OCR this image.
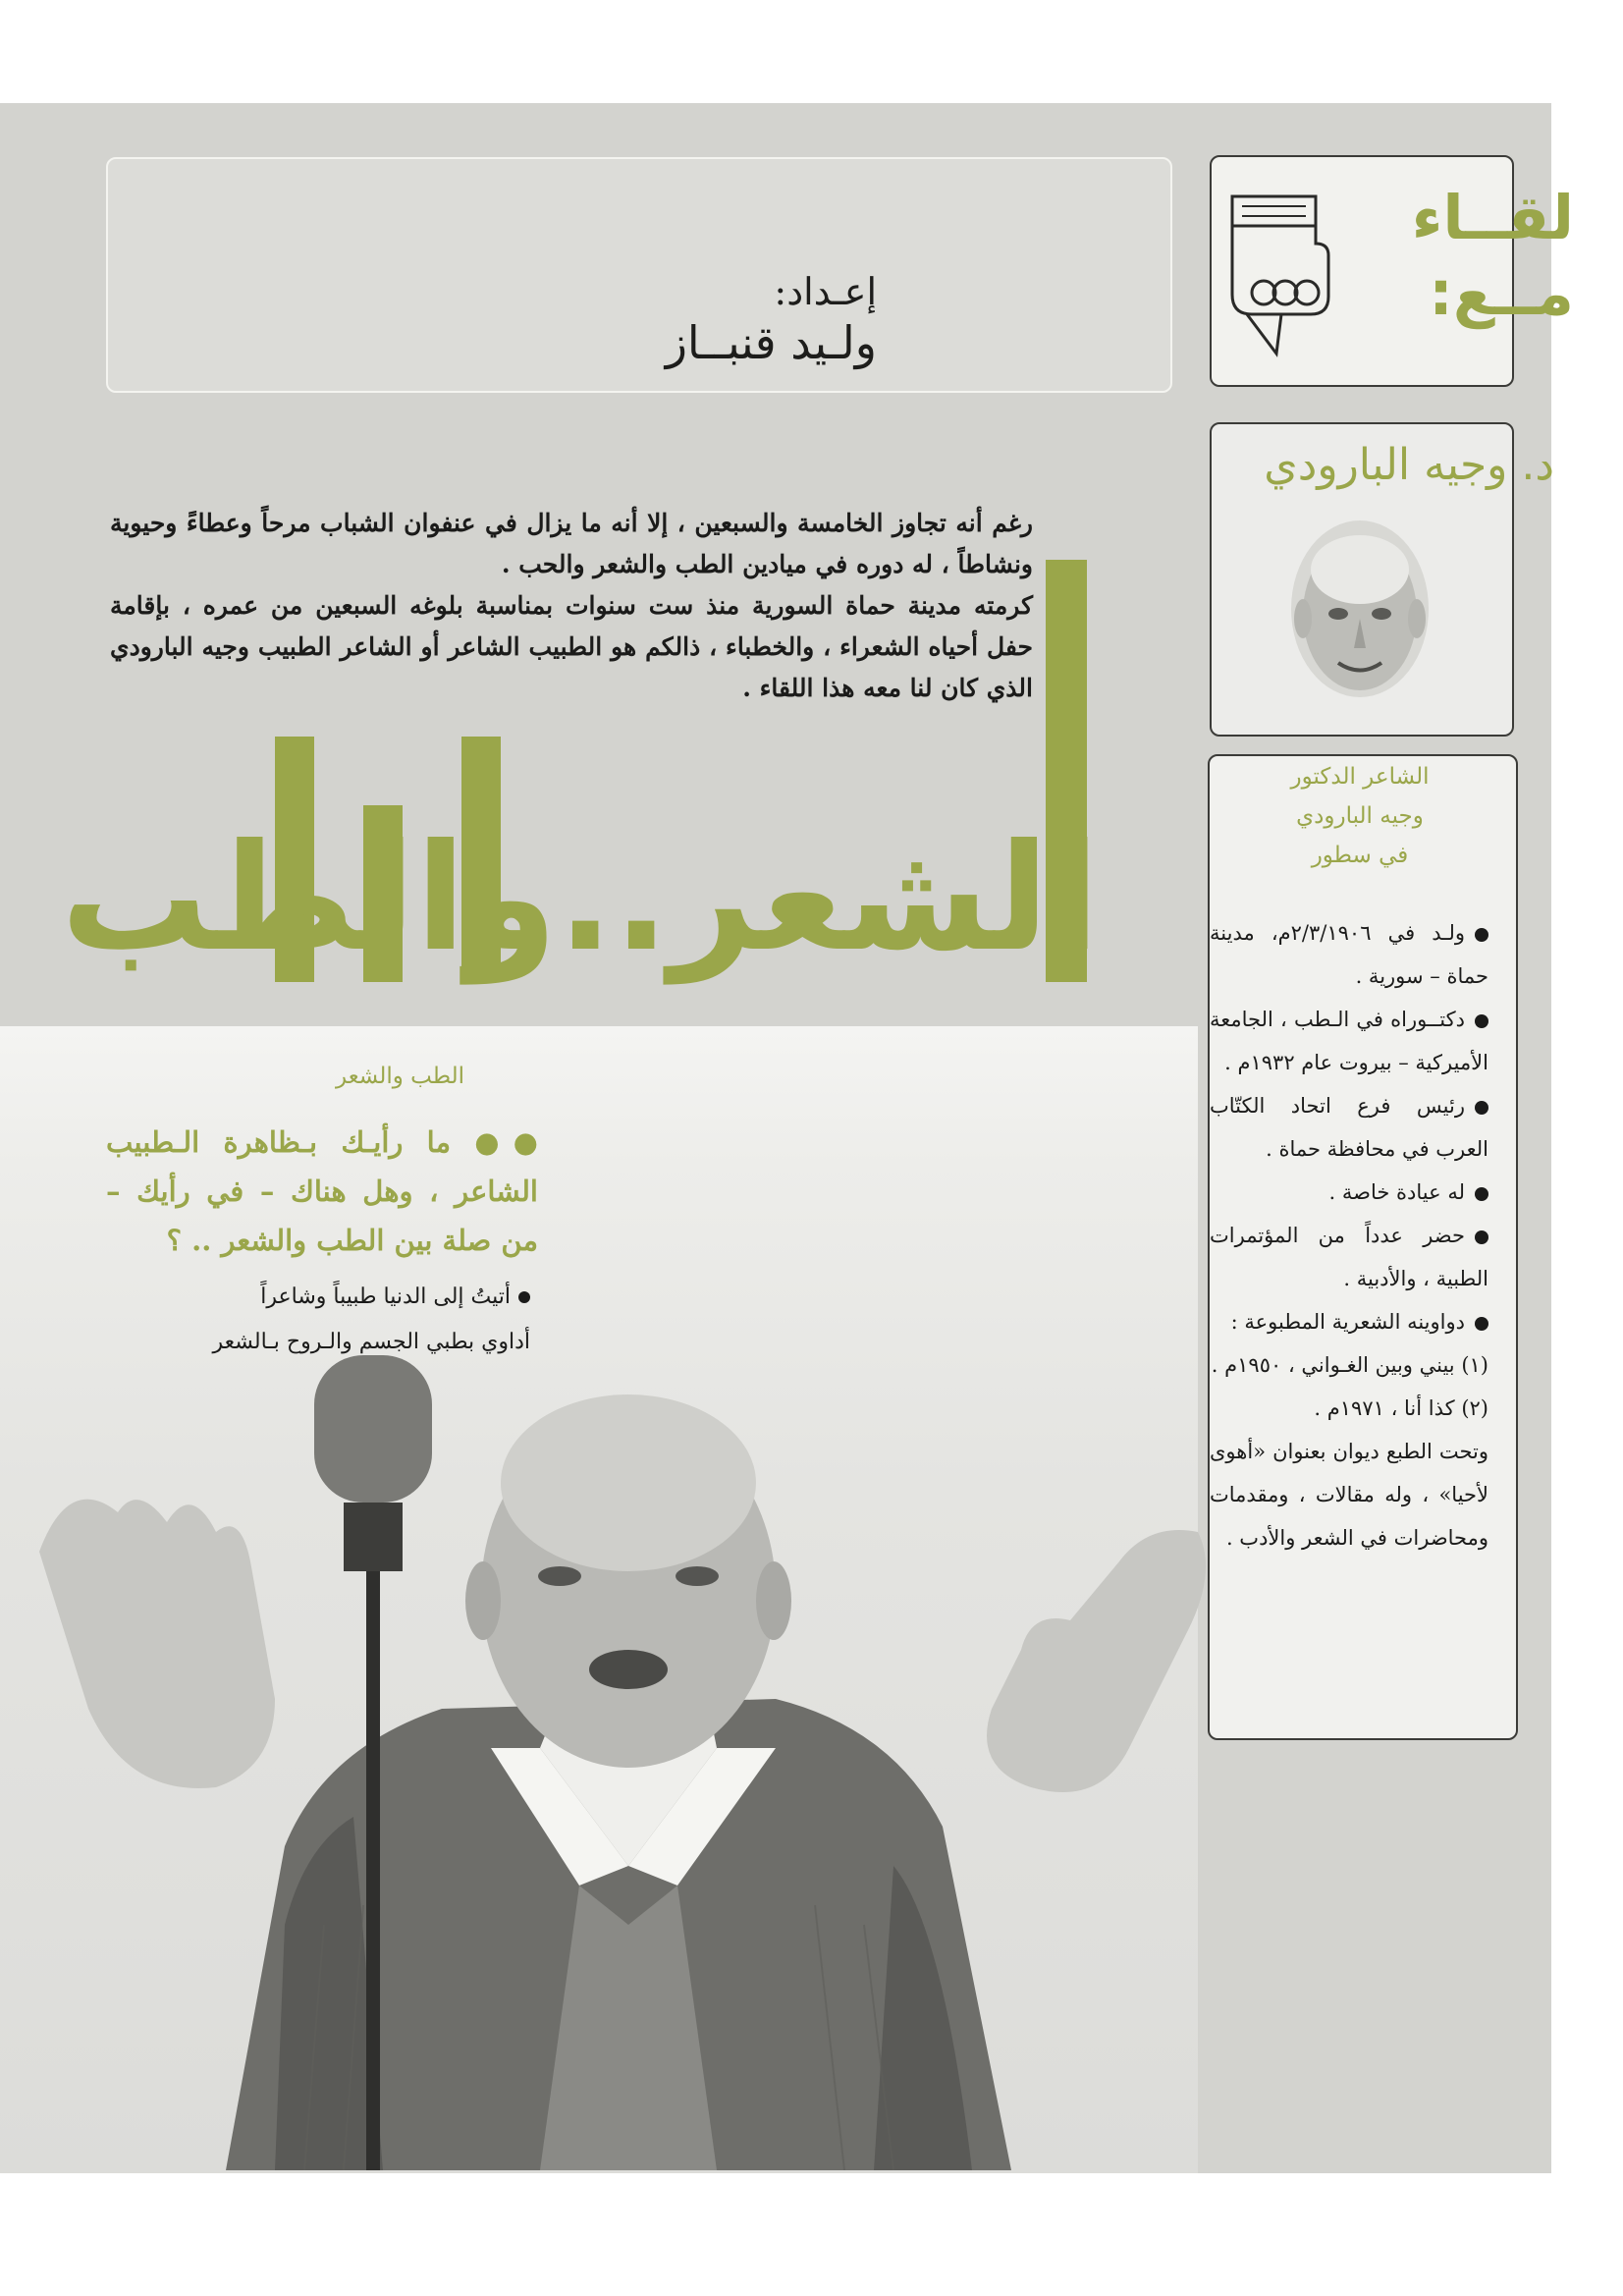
إعـداد:
ولـيد قنبــاز
لقــاء
مــع:
د. وجيه البارودي

رغم أنه تجاوز الخامسة والسبعين ، إلا أنه ما يزال في عنفوان الشباب مرحاً وعطاءً وحيوية ونشاطاً ، له دوره في ميادين الطب والشعر والحب .

كرمته مدينة حماة السورية منذ ست سنوات بمناسبة بلوغه السبعين من عمره ، بإقامة حفل أحياه الشعراء ، والخطباء ، ذالكم هو الطبيب الشاعر أو الشاعر الطبيب وجيه البارودي الذي كان لنا معه هذا اللقاء .

الشعر..والطب
الشاعر الدكتور
وجيه البارودي
في سطور
ولـد في ٢/٣/١٩٠٦م، مدينة حماة – سورية .
دكتــوراه في الـطب ، الجامعة الأميركية – بيروت عام ١٩٣٢م .
رئيس فرع اتحاد الكتّاب العرب في محافظة حماة .
له عيادة خاصة .
حضر عدداً من المؤتمرات الطبية ، والأدبية .
دواوينه الشعرية المطبوعة :
(١) بيني وبين الغـواني ، ١٩٥٠م .
(٢) كذا أنا ، ١٩٧١م .
وتحت الطبع ديوان بعنوان «أهوى لأحيا» ، وله مقالات ، ومقدمات ومحاضرات في الشعر والأدب .
الطب والشعر
●● ما رأيـك بـظاهرة الـطبيب الشاعر ، وهل هناك – في رأيك – من صلة بين الطب والشعر .. ؟
أتيتُ إلى الدنيا طبيباً وشاعراً
أداوي بطبي الجسم والـروح بـالشعر
